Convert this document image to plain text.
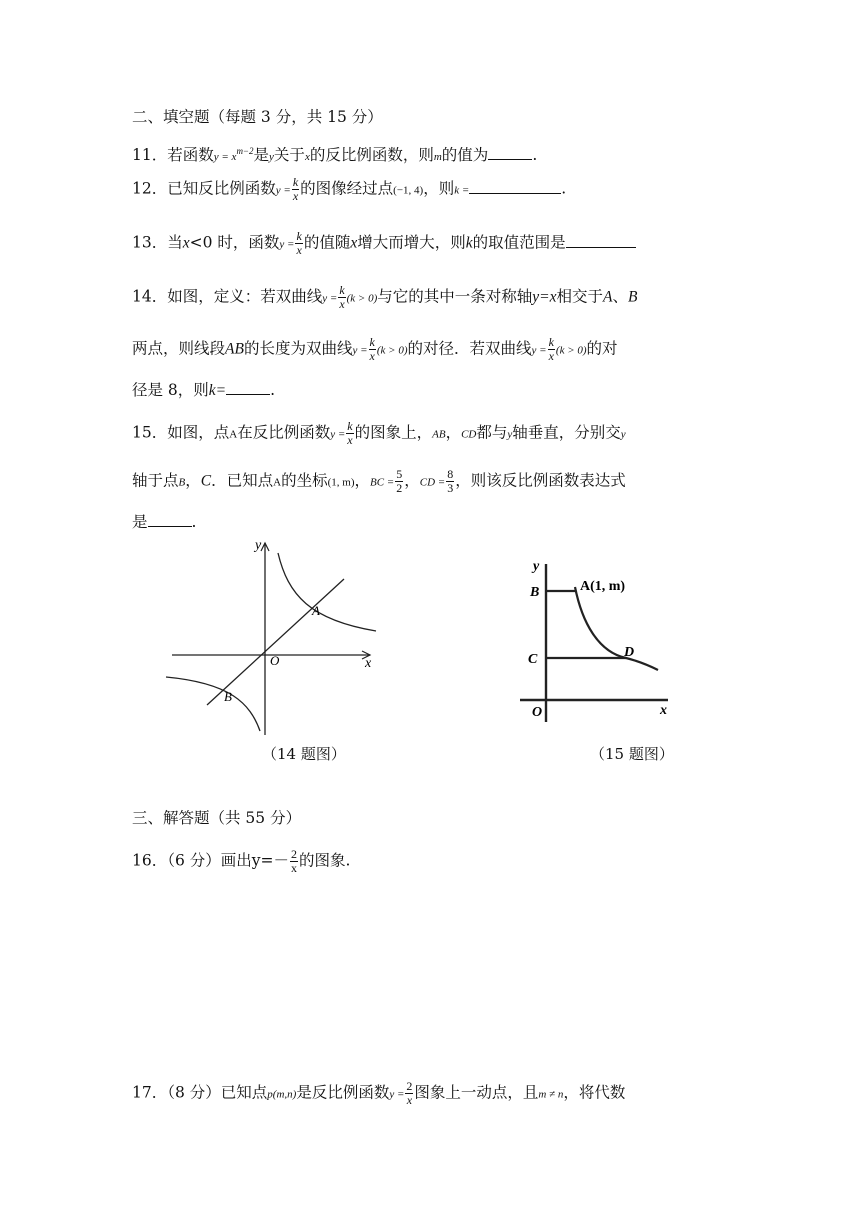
二、填空题（每题 3 分，共 15 分）
11．若函数$y = x^{m-2}$是y关于x的反比例函数，则m的值为	.
12．已知反比例函数$y = \frac{k}{x}$ 的图像经过点(−1, 4)，则k =	.
13．当x<0 时，函数$y = \frac{k}{x}$ 的值随x增大而增大，则k的取值范围是
14．如图，定义：若双曲线$y = \frac{k}{x} (k > 0)$与它的其中一条对称轴y=x相交于A、B
两点，则线段AB的长度为双曲线$y = \frac{k}{x} (k > 0)$的对径．若双曲线$y = \frac{k}{x} (k > 0)$的对
径是 8，则k=	.
15．如图，点A在反比例函数$y = \frac{k}{x}$ 的图象上，AB，CD都与y轴垂直，分别交y
轴于点B，C．已知点A的坐标(1, m)，BC = $\frac{5}{2}$ ，CD = $\frac{8}{3}$ ，则该反比例函数表达式
是	.
y
x
O
A
B
（14 题图）
y
B
C	D
O	x
A(1, m)
（15 题图）
三、解答题（共 55 分）
16．（6 分）画出$y=- \frac{2}{x}$ 的图象.
17．（8 分）已知点p(m,n)是反比例函数$y = \frac{2}{x}$ 图象上一动点，且m ≠ n，将代数
